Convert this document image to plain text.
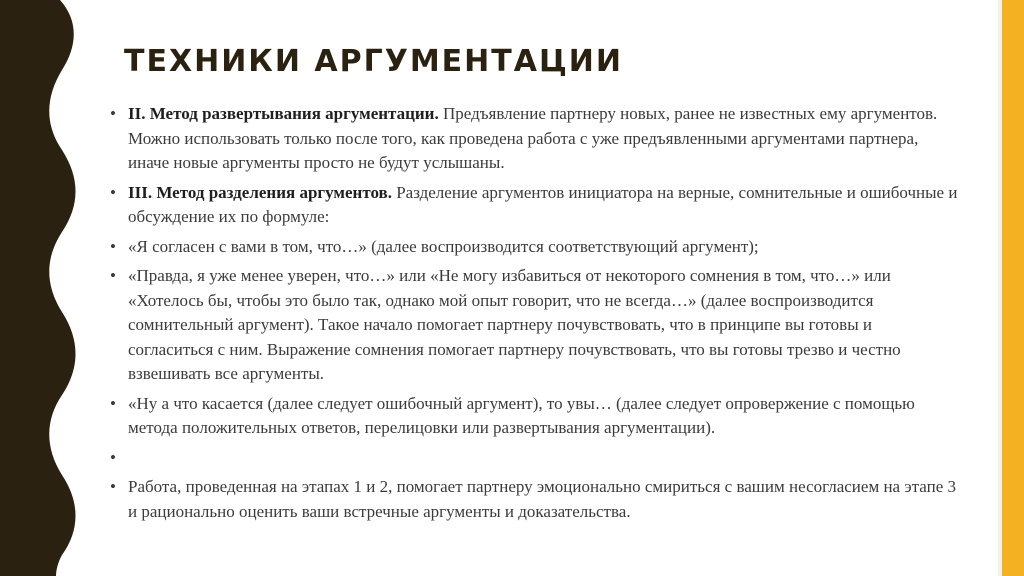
ТЕХНИКИ АРГУМЕНТАЦИИ
• II. Метод развертывания аргументации. Предъявление партнеру новых, ранее не известных ему аргументов. Можно использовать только после того, как проведена работа с уже предъявленными аргументами партнера, иначе новые аргументы просто не будут услышаны.
• III. Метод разделения аргументов. Разделение аргументов инициатора на верные, сомнительные и ошибочные и обсуждение их по формуле:
• «Я согласен с вами в том, что…» (далее воспроизводится соответствующий аргумент);
• «Правда, я уже менее уверен, что…» или «Не могу избавиться от некоторого сомнения в том, что…» или «Хотелось бы, чтобы это было так, однако мой опыт говорит, что не всегда…» (далее воспроизводится сомнительный аргумент). Такое начало помогает партнеру почувствовать, что в принципе вы готовы и согласиться с ним. Выражение сомнения помогает партнеру почувствовать, что вы готовы трезво и честно взвешивать все аргументы.
• «Ну а что касается (далее следует ошибочный аргумент), то увы… (далее следует опровержение с помощью метода положительных ответов, перелицовки или развертывания аргументации).
•
• Работа, проведенная на этапах 1 и 2, помогает партнеру эмоционально смириться с вашим несогласием на этапе 3 и рационально оценить ваши встречные аргументы и доказательства.
